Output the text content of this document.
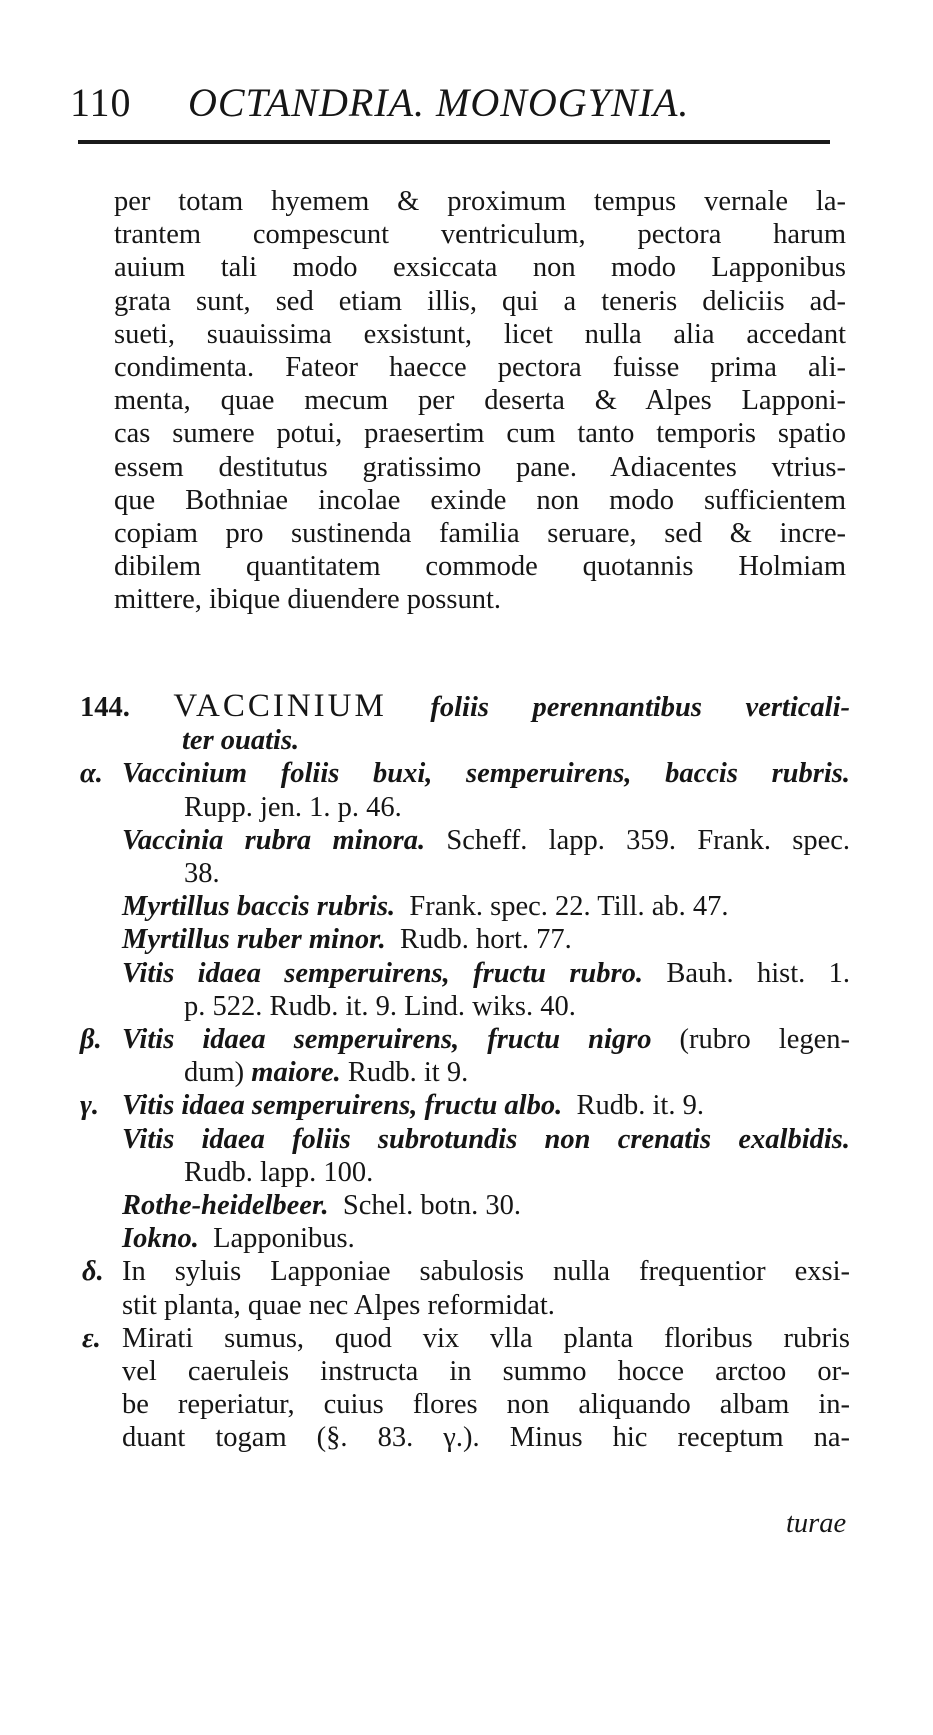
110 OCTANDRIA. MONOGYNIA.
per totam hyemem & proximum tempus vernale la-
trantem compescunt ventriculum, pectora harum
auium tali modo exsiccata non modo Lapponibus
grata sunt, sed etiam illis, qui a teneris deliciis ad-
sueti, suauissima exsistunt, licet nulla alia accedant
condimenta. Fateor haecce pectora fuisse prima ali-
menta, quae mecum per deserta & Alpes Lapponi-
cas sumere potui, praesertim cum tanto temporis spatio
essem destitutus gratissimo pane. Adiacentes vtrius-
que Bothniae incolae exinde non modo sufficientem
copiam pro sustinenda familia seruare, sed & incre-
dibilem quantitatem commode quotannis Holmiam
mittere, ibique diuendere possunt.
144. VACCINIUM foliis perennantibus verticali-
ter ouatis.
α. Vaccinium foliis buxi, semperuirens, baccis rubris.
Rupp. jen. 1. p. 46.
Vaccinia rubra minora. Scheff. lapp. 359. Frank. spec.
38.
Myrtillus baccis rubris. Frank. spec. 22. Till. ab. 47.
Myrtillus ruber minor. Rudb. hort. 77.
Vitis idaea semperuirens, fructu rubro. Bauh. hist. 1.
p. 522. Rudb. it. 9. Lind. wiks. 40.
β. Vitis idaea semperuirens, fructu nigro (rubro legen-
dum) maiore. Rudb. it 9.
γ. Vitis idaea semperuirens, fructu albo. Rudb. it. 9.
Vitis idaea foliis subrotundis non crenatis exalbidis.
Rudb. lapp. 100.
Rothe-heidelbeer. Schel. botn. 30.
Iokno. Lapponibus.
δ. In syluis Lapponiae sabulosis nulla frequentior exsi-
stit planta, quae nec Alpes reformidat.
ε. Mirati sumus, quod vix vlla planta floribus rubris
vel caeruleis instructa in summo hocce arctoo or-
be reperiatur, cuius flores non aliquando albam in-
duant togam (§. 83. γ.). Minus hic receptum na-
turae
